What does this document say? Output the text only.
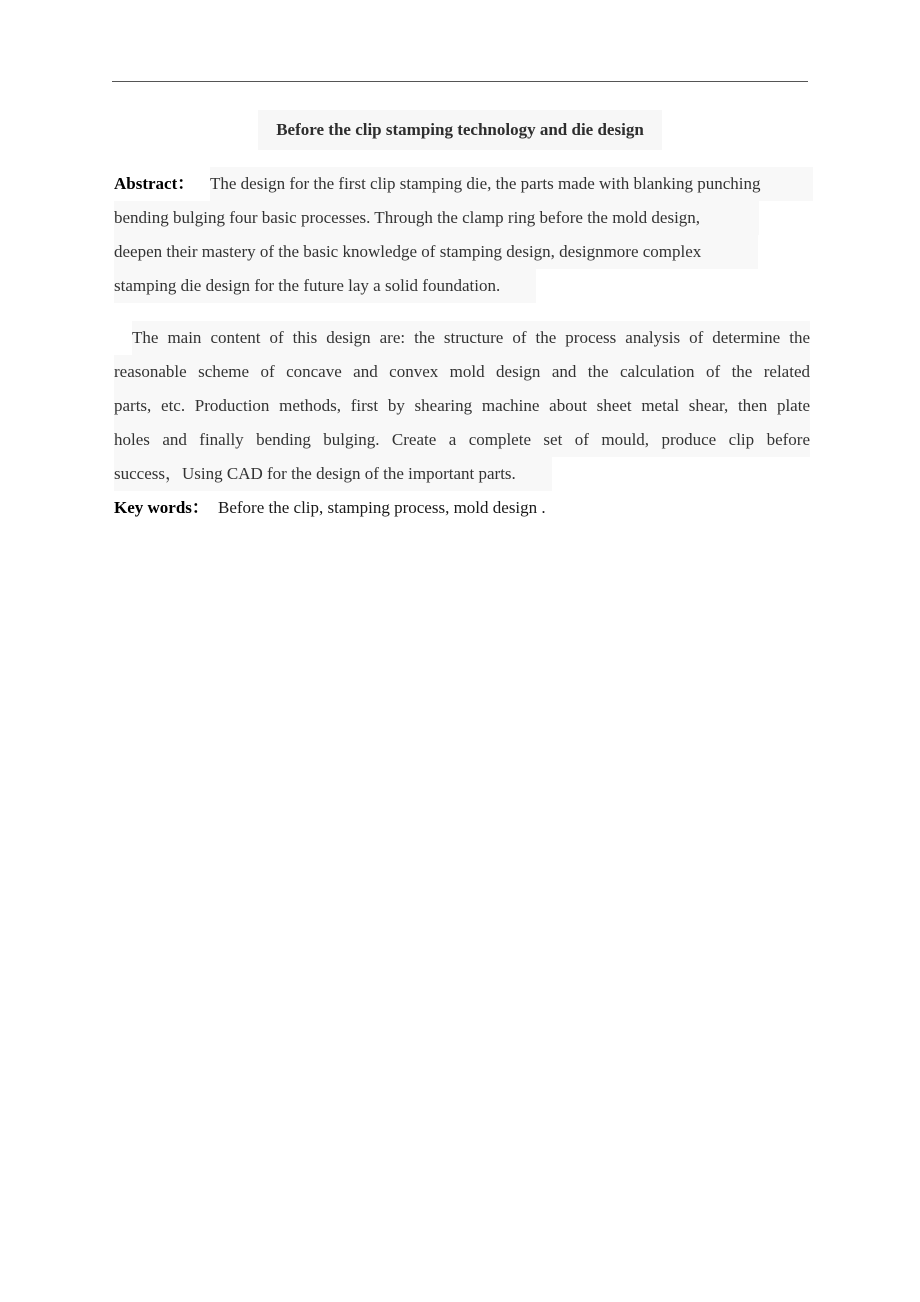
Before the clip stamping technology and die design
Abstract： The design for the first clip stamping die, the parts made with blanking punching
bending bulging four basic processes. Through the clamp ring before the mold design,
deepen their mastery of the basic knowledge of stamping design, designmore complex
stamping die design for the future lay a solid foundation.
The main content of this design are: the structure of the process analysis of determine the
reasonable scheme of concave and convex mold design and the calculation of the related
parts, etc. Production methods, first by shearing machine about sheet metal shear, then plate
holes and finally bending bulging. Create a complete set of mould, produce clip before
success，Using CAD for the design of the important parts.
Key words： Before the clip, stamping process, mold design .
